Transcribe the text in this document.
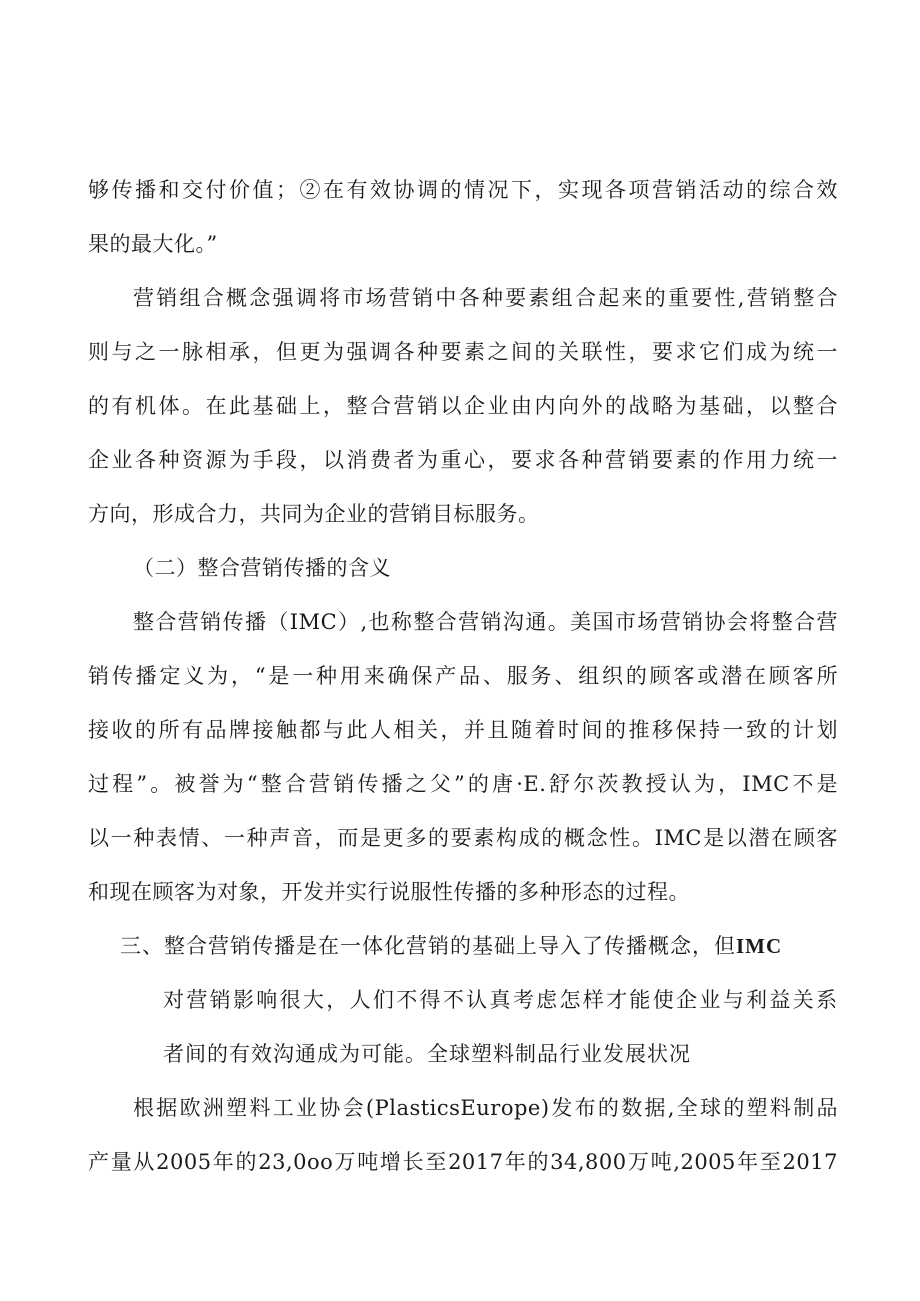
够传播和交付价值；②在有效协调的情况下，实现各项营销活动的综合效
果的最大化。”
营销组合概念强调将市场营销中各种要素组合起来的重要性,营销整合
则与之一脉相承，但更为强调各种要素之间的关联性，要求它们成为统一
的有机体。在此基础上，整合营销以企业由内向外的战略为基础，以整合
企业各种资源为手段，以消费者为重心，要求各种营销要素的作用力统一
方向，形成合力，共同为企业的营销目标服务。
（二）整合营销传播的含义
整合营销传播（IMC）,也称整合营销沟通。美国市场营销协会将整合营
销传播定义为，“是一种用来确保产品、服务、组织的顾客或潜在顾客所
接收的所有品牌接触都与此人相关，并且随着时间的推移保持一致的计划
过程”。被誉为“整合营销传播之父”的唐·E.舒尔茨教授认为，IMC不是
以一种表情、一种声音，而是更多的要素构成的概念性。IMC是以潜在顾客
和现在顾客为对象，开发并实行说服性传播的多种形态的过程。
三、整合营销传播是在一体化营销的基础上导入了传播概念，但IMC
对营销影响很大，人们不得不认真考虑怎样才能使企业与利益关系
者间的有效沟通成为可能。全球塑料制品行业发展状况
根据欧洲塑料工业协会(PlasticsEurope)发布的数据,全球的塑料制品
产量从2005年的23,0oo万吨增长至2017年的34,800万吨,2005年至2017
